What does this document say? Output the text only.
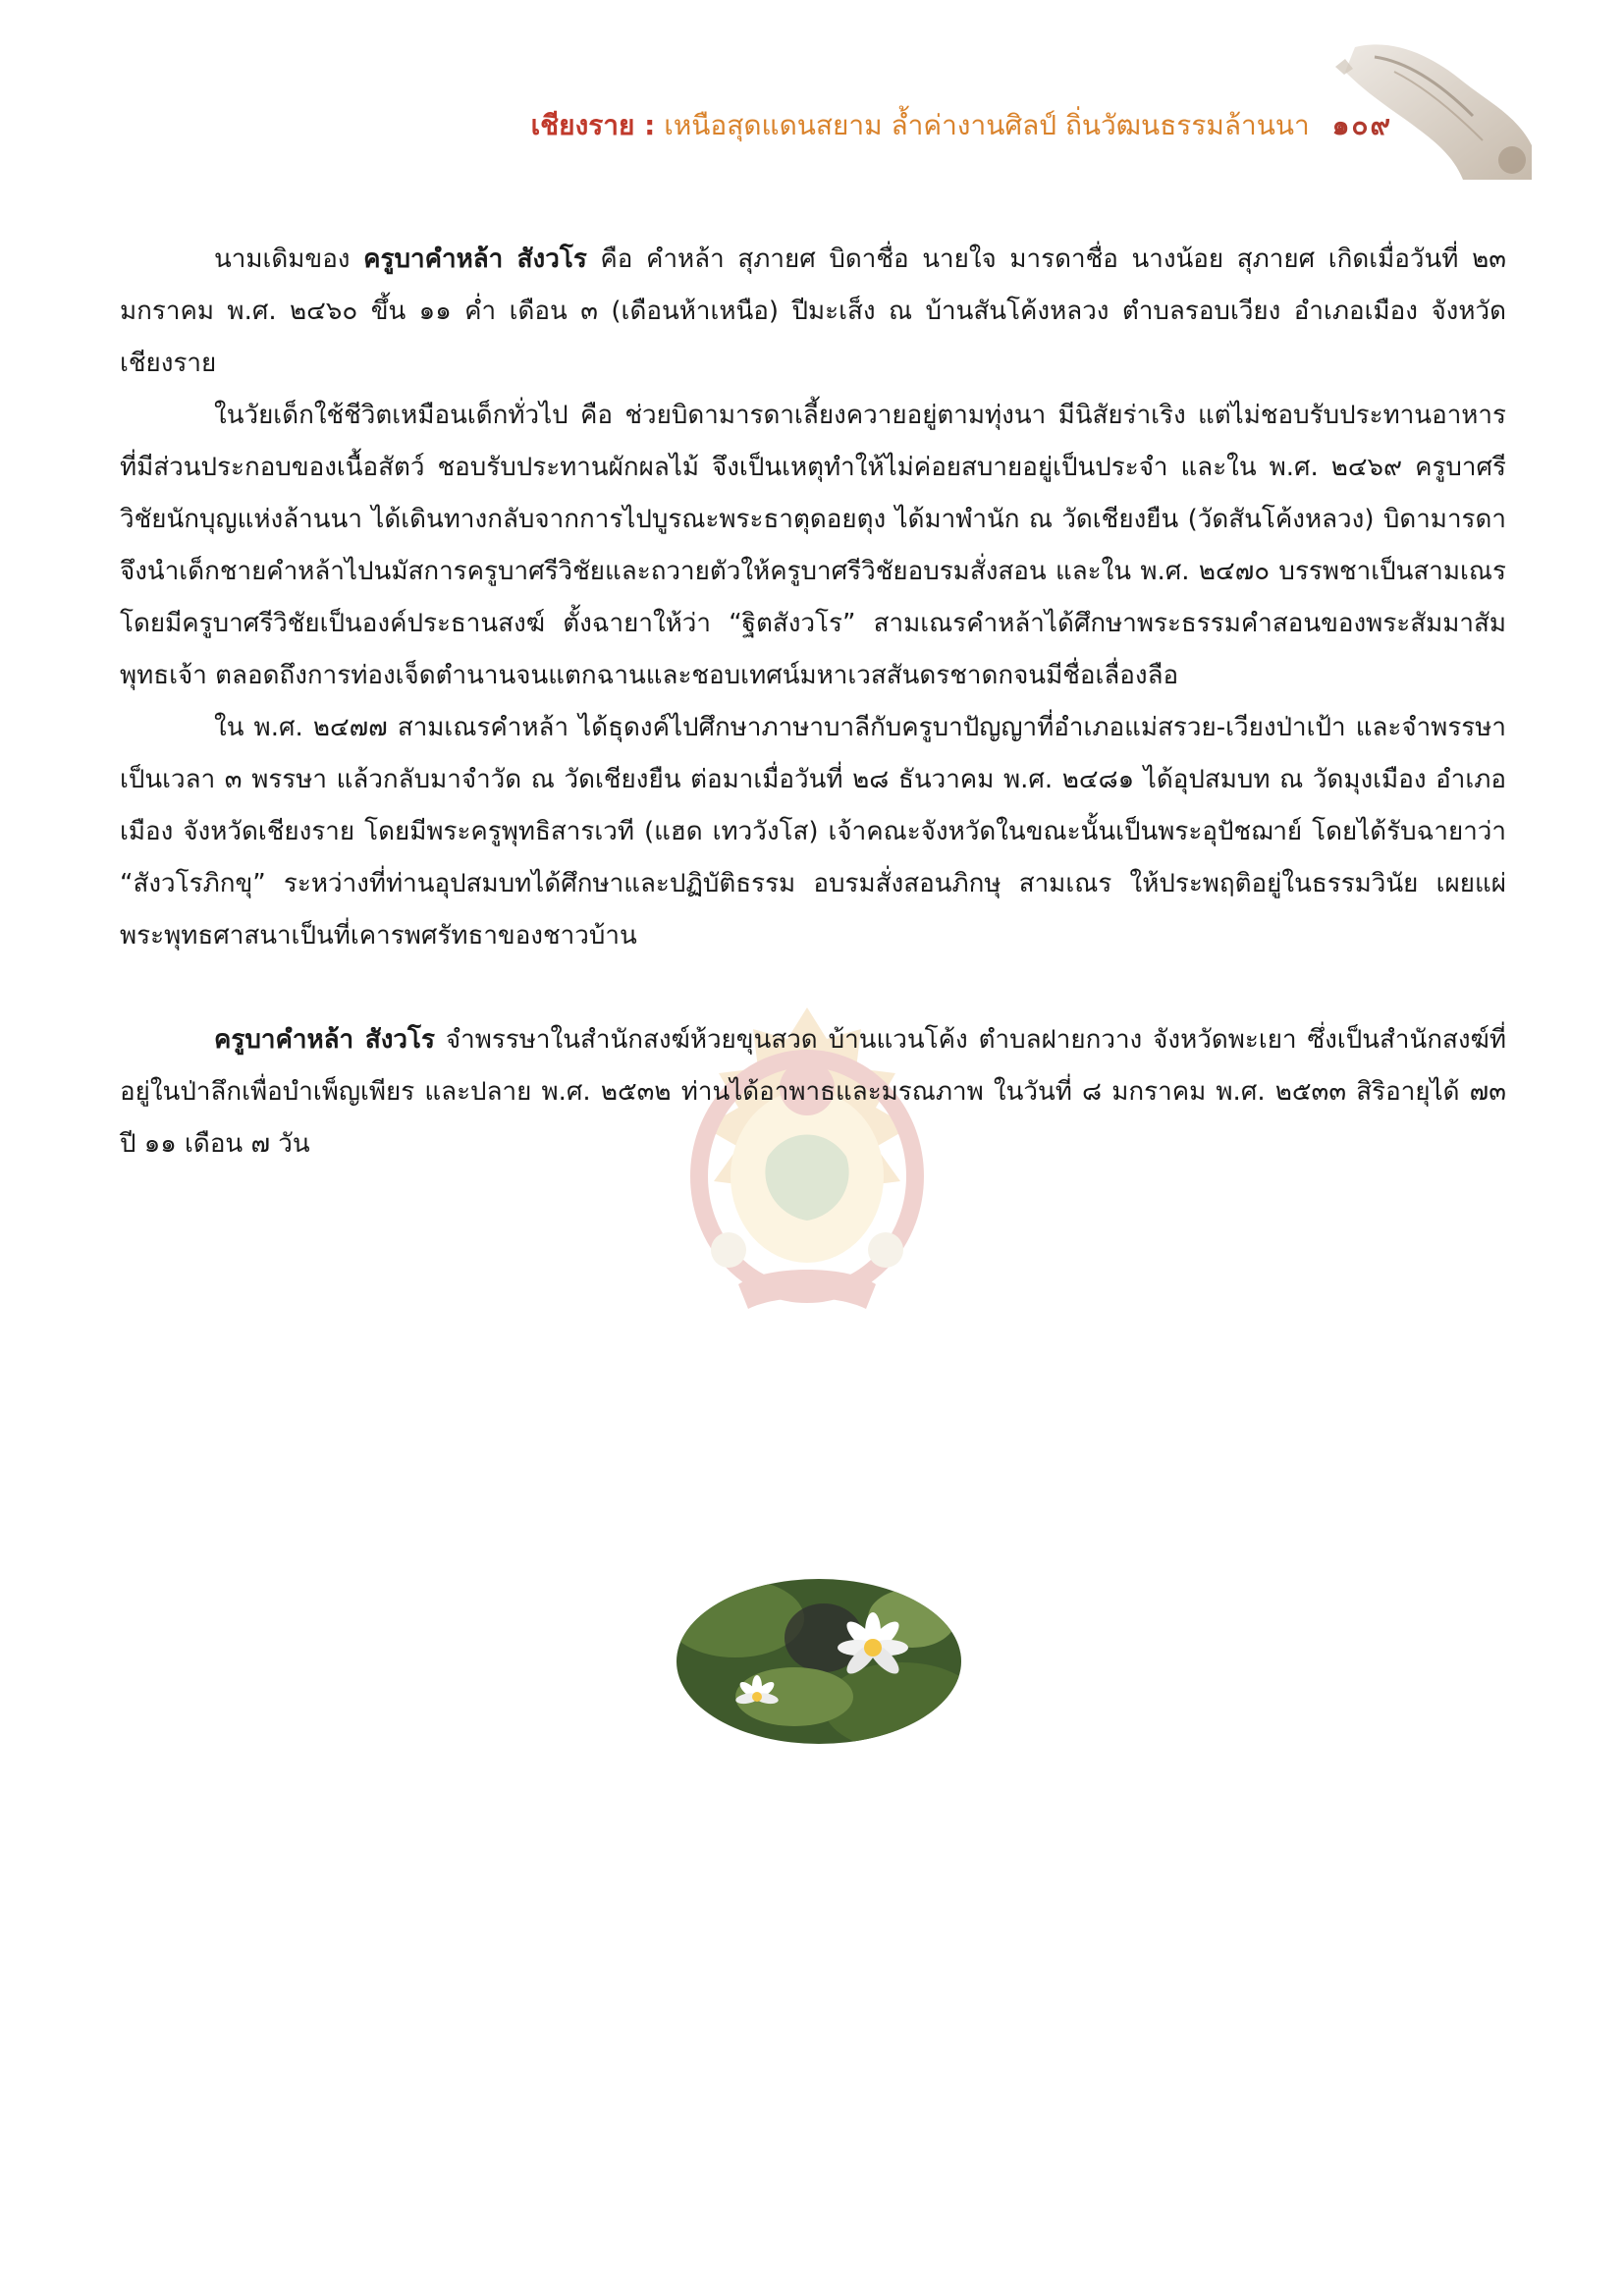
เชียงราย : เหนือสุดแดนสยาม ล้ำค่างานศิลป์ ถิ่นวัฒนธรรมล้านนา ๑๐๙

นามเดิมของ ครูบาคำหล้า สังวโร คือ คำหล้า สุภายศ บิดาชื่อ นายใจ มารดาชื่อ นางน้อย สุภายศ เกิดเมื่อวันที่ ๒๓ มกราคม พ.ศ. ๒๔๖๐ ขึ้น ๑๑ ค่ำ เดือน ๓ (เดือนห้าเหนือ) ปีมะเส็ง ณ บ้านสันโค้งหลวง ตำบลรอบเวียง อำเภอเมือง จังหวัดเชียงราย

ในวัยเด็กใช้ชีวิตเหมือนเด็กทั่วไป คือ ช่วยบิดามารดาเลี้ยงควายอยู่ตามทุ่งนา มีนิสัยร่าเริง แต่ไม่ชอบรับประทานอาหารที่มีส่วนประกอบของเนื้อสัตว์ ชอบรับประทานผักผลไม้ จึงเป็นเหตุทำให้ไม่ค่อยสบายอยู่เป็นประจำ และใน พ.ศ. ๒๔๖๙ ครูบาศรีวิชัยนักบุญแห่งล้านนา ได้เดินทางกลับจากการไปบูรณะพระธาตุดอยตุง ได้มาพำนัก ณ วัดเชียงยืน (วัดสันโค้งหลวง) บิดามารดาจึงนำเด็กชายคำหล้าไปนมัสการครูบาศรีวิชัยและถวายตัวให้ครูบาศรีวิชัยอบรมสั่งสอน และใน พ.ศ. ๒๔๗๐ บรรพชาเป็นสามเณร โดยมีครูบาศรีวิชัยเป็นองค์ประธานสงฆ์ ตั้งฉายาให้ว่า “ฐิตสังวโร” สามเณรคำหล้าได้ศึกษาพระธรรมคำสอนของพระสัมมาสัมพุทธเจ้า ตลอดถึงการท่องเจ็ดตำนานจนแตกฉานและชอบเทศน์มหาเวสสันดรชาดกจนมีชื่อเลื่องลือ

ใน พ.ศ. ๒๔๗๗ สามเณรคำหล้า ได้ธุดงค์ไปศึกษาภาษาบาลีกับครูบาปัญญาที่อำเภอแม่สรวย-เวียงป่าเป้า และจำพรรษาเป็นเวลา ๓ พรรษา แล้วกลับมาจำวัด ณ วัดเชียงยืน ต่อมาเมื่อวันที่ ๒๘ ธันวาคม พ.ศ. ๒๔๘๑ ได้อุปสมบท ณ วัดมุงเมือง อำเภอเมือง จังหวัดเชียงราย โดยมีพระครูพุทธิสารเวที (แฮด เทววังโส) เจ้าคณะจังหวัดในขณะนั้นเป็นพระอุปัชฌาย์ โดยได้รับฉายาว่า “สังวโรภิกขุ” ระหว่างที่ท่านอุปสมบทได้ศึกษาและปฏิบัติธรรม อบรมสั่งสอนภิกษุ สามเณร ให้ประพฤติอยู่ในธรรมวินัย เผยแผ่พระพุทธศาสนาเป็นที่เคารพศรัทธาของชาวบ้าน

ครูบาคำหล้า สังวโร จำพรรษาในสำนักสงฆ์ห้วยขุนสวด บ้านแวนโค้ง ตำบลฝายกวาง จังหวัดพะเยา ซึ่งเป็นสำนักสงฆ์ที่อยู่ในป่าลึกเพื่อบำเพ็ญเพียร และปลาย พ.ศ. ๒๕๓๒ ท่านได้อาพาธและมรณภาพ ในวันที่ ๘ มกราคม พ.ศ. ๒๕๓๓ สิริอายุได้ ๗๓ ปี ๑๑ เดือน ๗ วัน
